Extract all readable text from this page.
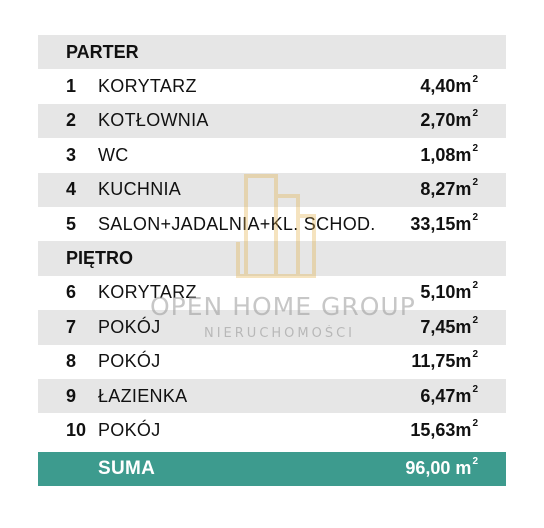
PARTER
1	KORYTARZ	$4,40m^2$
2	KOTŁOWNIA	$2,70m^2$
3	WC	$1,08m^2$
4	KUCHNIA	$8,27m^2$
5	SALON+JADALNIA+KL. SCHOD.	$33,15m^2$
PIĘTRO
6	KORYTARZ	$5,10m^2$
7	POKÓJ	$7,45m^2$
8	POKÓJ	$11,75m^2$
9	ŁAZIENKA	$6,47m^2$
10 POKÓJ	$15,63m^2$
SUMA	96,00 $m^2$
OPEN HOME GROUP
NIERUCHOMOŚCI
